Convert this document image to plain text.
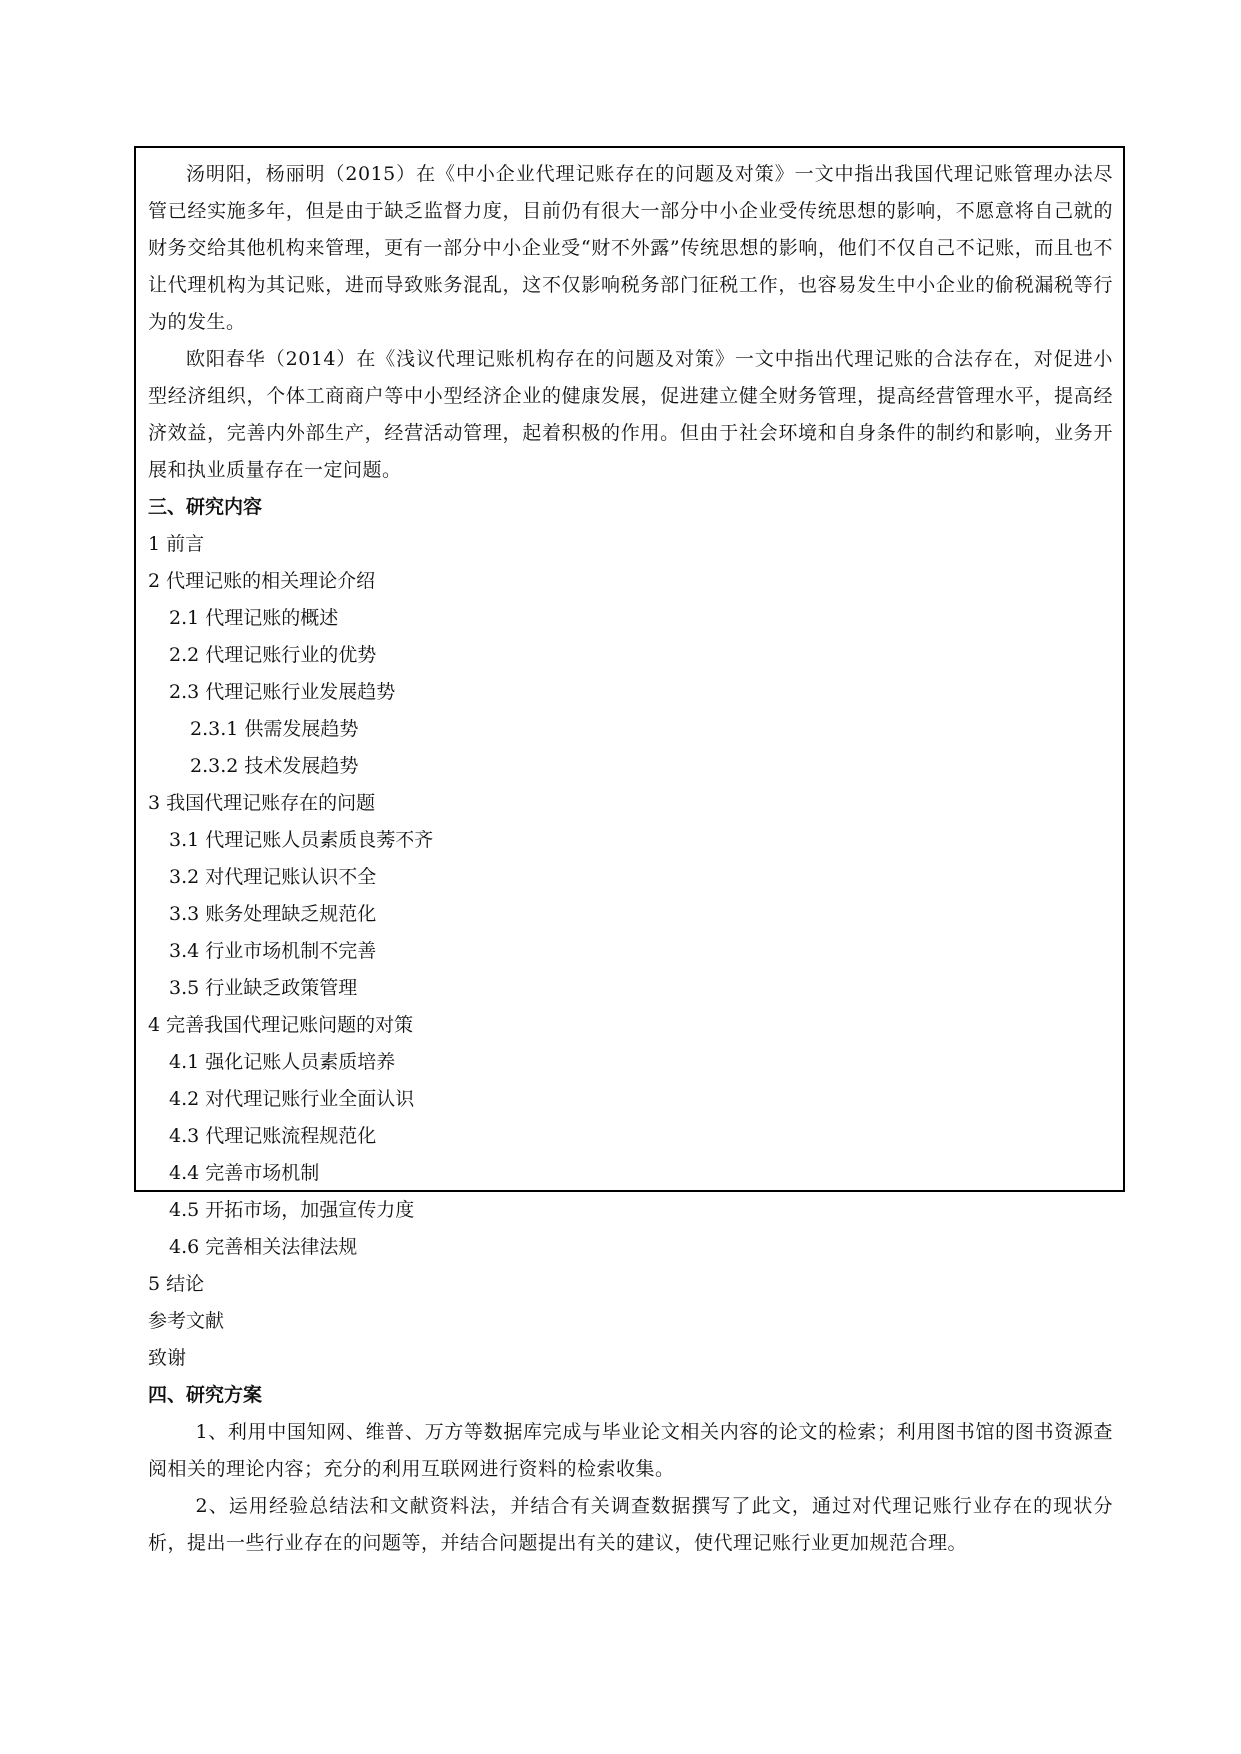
汤明阳，杨丽明（2015）在《中小企业代理记账存在的问题及对策》一文中指出我国代理记账管理办法尽管已经实施多年，但是由于缺乏监督力度，目前仍有很大一部分中小企业受传统思想的影响，不愿意将自己就的财务交给其他机构来管理，更有一部分中小企业受“财不外露”传统思想的影响，他们不仅自己不记账，而且也不让代理机构为其记账，进而导致账务混乱，这不仅影响税务部门征税工作，也容易发生中小企业的偷税漏税等行为的发生。

欧阳春华（2014）在《浅议代理记账机构存在的问题及对策》一文中指出代理记账的合法存在，对促进小型经济组织，个体工商商户等中小型经济企业的健康发展，促进建立健全财务管理，提高经营管理水平，提高经济效益，完善内外部生产，经营活动管理，起着积极的作用。但由于社会环境和自身条件的制约和影响，业务开展和执业质量存在一定问题。

三、研究内容

1 前言
2 代理记账的相关理论介绍
2.1 代理记账的概述
2.2 代理记账行业的优势
2.3 代理记账行业发展趋势
2.3.1 供需发展趋势
2.3.2 技术发展趋势
3 我国代理记账存在的问题
3.1 代理记账人员素质良莠不齐
3.2 对代理记账认识不全
3.3 账务处理缺乏规范化
3.4 行业市场机制不完善
3.5 行业缺乏政策管理
4 完善我国代理记账问题的对策
4.1 强化记账人员素质培养
4.2 对代理记账行业全面认识
4.3 代理记账流程规范化
4.4 完善市场机制
4.5 开拓市场，加强宣传力度
4.6 完善相关法律法规
5 结论
参考文献
致谢

四、研究方案

1、利用中国知网、维普、万方等数据库完成与毕业论文相关内容的论文的检索；利用图书馆的图书资源查阅相关的理论内容；充分的利用互联网进行资料的检索收集。

2、运用经验总结法和文献资料法，并结合有关调查数据撰写了此文，通过对代理记账行业存在的现状分析，提出一些行业存在的问题等，并结合问题提出有关的建议，使代理记账行业更加规范合理。
